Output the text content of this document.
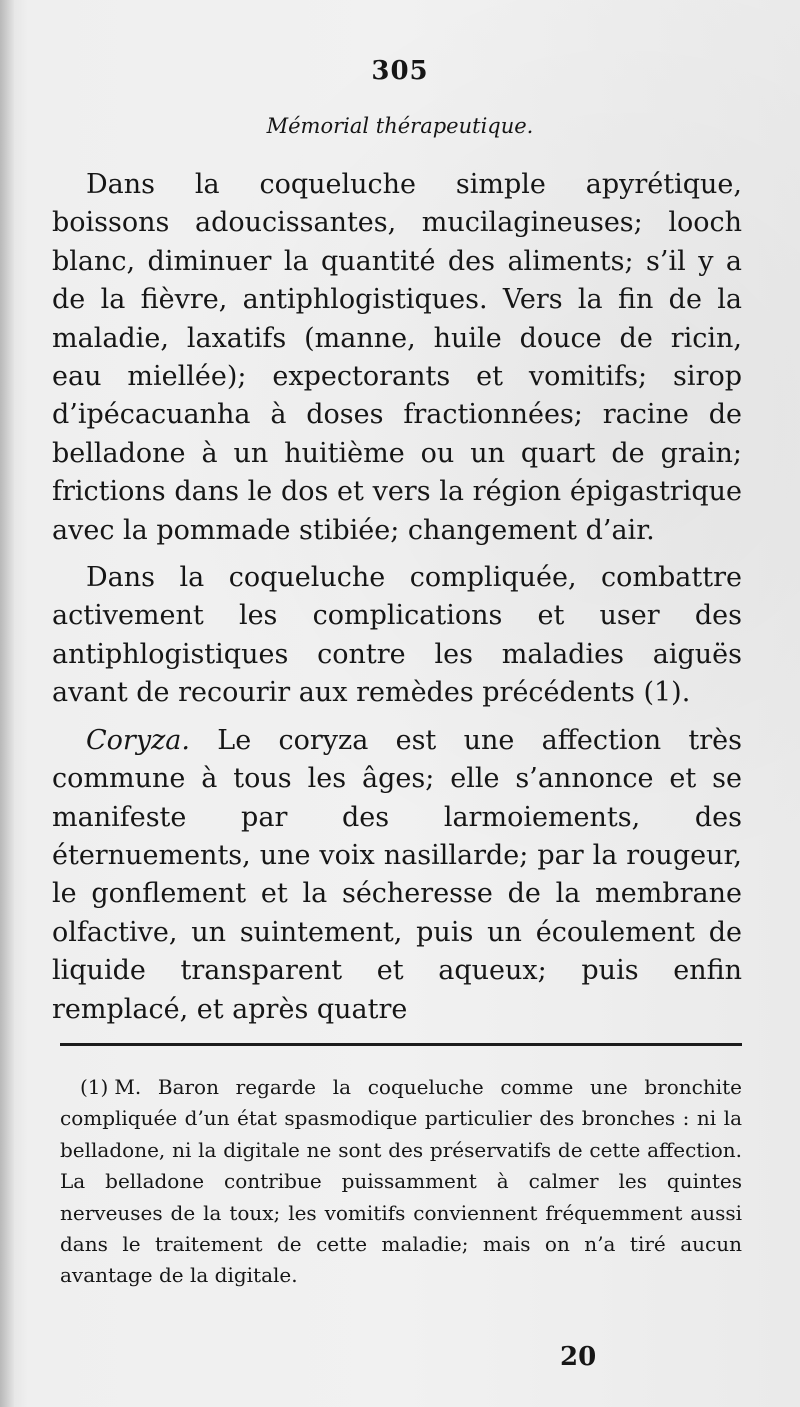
305
Mémorial thérapeutique.

Dans la coqueluche simple apyrétique, boissons adoucissantes, mucilagineuses; looch blanc, diminuer la quantité des aliments; s’il y a de la fièvre, antiphlogistiques. Vers la fin de la maladie, laxatifs (manne, huile douce de ricin, eau miellée); expectorants et vomitifs; sirop d’ipécacuanha à doses fractionnées; racine de belladone à un huitième ou un quart de grain; frictions dans le dos et vers la région épigastrique avec la pommade stibiée; changement d’air.

Dans la coqueluche compliquée, combattre activement les complications et user des antiphlogistiques contre les maladies aiguës avant de recourir aux remèdes précédents (1).

Coryza. Le coryza est une affection très commune à tous les âges; elle s’annonce et se manifeste par des larmoiements, des éternuements, une voix nasillarde; par la rougeur, le gonflement et la sécheresse de la membrane olfactive, un suintement, puis un écoulement de liquide transparent et aqueux; puis enfin remplacé, et après quatre

(1) M. Baron regarde la coqueluche comme une bronchite compliquée d’un état spasmodique particulier des bronches : ni la belladone, ni la digitale ne sont des préservatifs de cette affection. La belladone contribue puissamment à calmer les quintes nerveuses de la toux; les vomitifs conviennent fréquemment aussi dans le traitement de cette maladie; mais on n’a tiré aucun avantage de la digitale.

20
